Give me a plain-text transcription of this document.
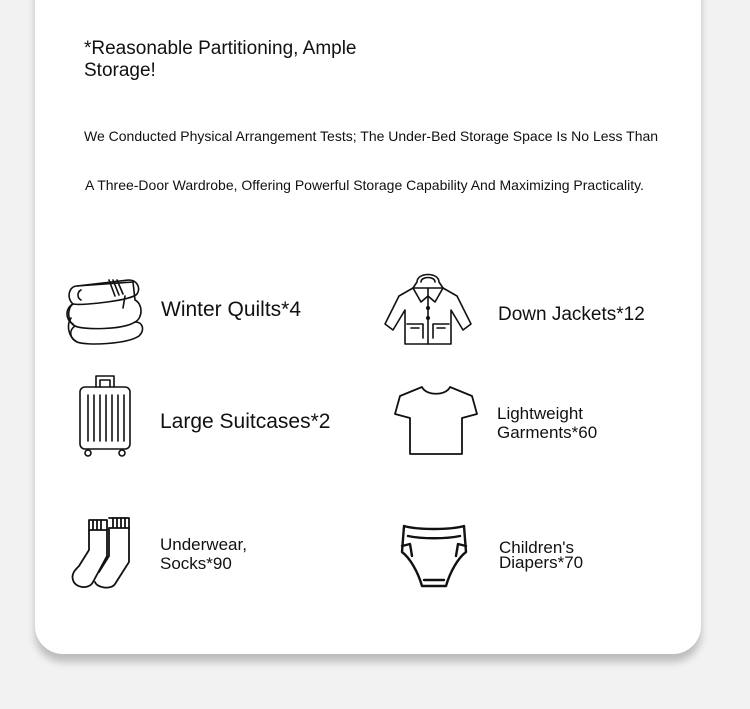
*Reasonable Partitioning, Ample Storage!

We Conducted Physical Arrangement Tests; The Under-Bed Storage Space Is No Less Than

A Three-Door Wardrobe, Offering Powerful Storage Capability And Maximizing Practicality.

Winter Quilts*4	Down Jackets*12

Large Suitcases*2	Lightweight

Garments*60

Underwear,

Socks*90

Children's

Diapers*70
